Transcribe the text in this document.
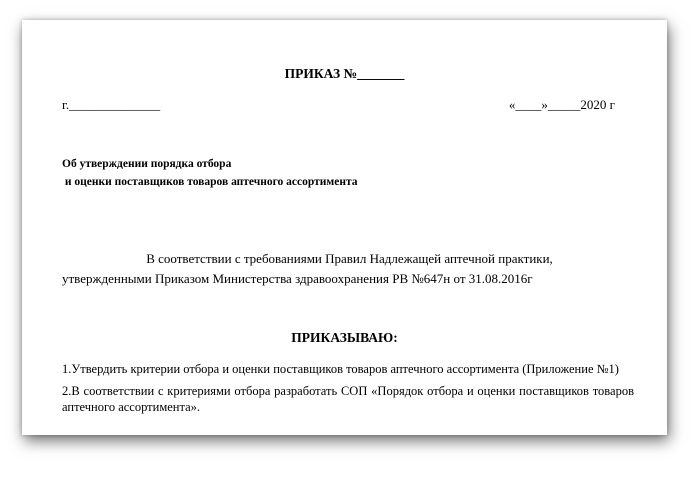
ПРИКАЗ №_______
г.______________	«____»_____2020 г
Об утверждении порядка отбора
и оценки поставщиков товаров аптечного ассортимента
В соответствии с требованиями Правил Надлежащей аптечной практики,
утвержденными Приказом Министерства здравоохранения РВ №647н от 31.08.2016г
ПРИКАЗЫВАЮ:
1.Утвердить критерии отбора и оценки поставщиков товаров аптечного ассортимента (Приложение №1)
2.В соответствии с критериями отбора разработать СОП «Порядок отбора и оценки поставщиков товаров аптечного ассортимента».
